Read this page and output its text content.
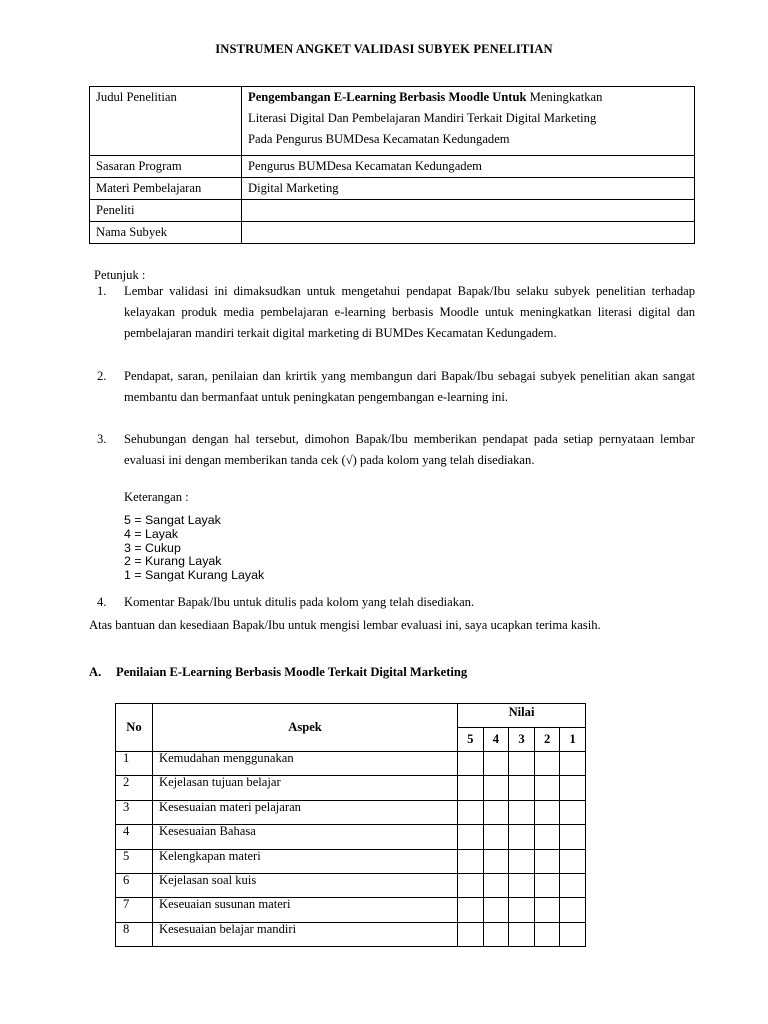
INSTRUMEN ANGKET VALIDASI SUBYEK PENELITIAN
Judul Penelitian	Pengembangan E-Learning Berbasis Moodle Untuk Meningkatkan
Literasi Digital Dan Pembelajaran Mandiri Terkait Digital Marketing
Pada Pengurus BUMDesa Kecamatan Kedungadem
Sasaran Program	Pengurus BUMDesa Kecamatan Kedungadem
Materi Pembelajaran	Digital Marketing
Peneliti	
Nama Subyek	
Petunjuk :
1. Lembar validasi ini dimaksudkan untuk mengetahui pendapat Bapak/Ibu selaku subyek penelitian terhadap kelayakan produk media pembelajaran e-learning berbasis Moodle untuk meningkatkan literasi digital dan pembelajaran mandiri terkait digital marketing di BUMDes Kecamatan Kedungadem.

2. Pendapat, saran, penilaian dan krirtik yang membangun dari Bapak/Ibu sebagai subyek penelitian akan sangat membantu dan bermanfaat untuk peningkatan pengembangan e-learning ini.

3. Sehubungan dengan hal tersebut, dimohon Bapak/Ibu memberikan pendapat pada setiap pernyataan lembar evaluasi ini dengan memberikan tanda cek (√) pada kolom yang telah disediakan.

Keterangan :
5 = Sangat Layak
4 = Layak
3 = Cukup
2 = Kurang Layak
1 = Sangat Kurang Layak
4. Komentar Bapak/Ibu untuk ditulis pada kolom yang telah disediakan.

Atas bantuan dan kesediaan Bapak/Ibu untuk mengisi lembar evaluasi ini, saya ucapkan terima kasih.
A. Penilaian E-Learning Berbasis Moodle Terkait Digital Marketing
No	Aspek	Nilai				
		5	4	3	2	1
1	Kemudahan menggunakan					
2	Kejelasan tujuan belajar					
3	Kesesuaian materi pelajaran					
4	Kesesuaian Bahasa					
5	Kelengkapan materi					
6	Kejelasan soal kuis					
7	Keseuaian susunan materi					
8	Kesesuaian belajar mandiri					
